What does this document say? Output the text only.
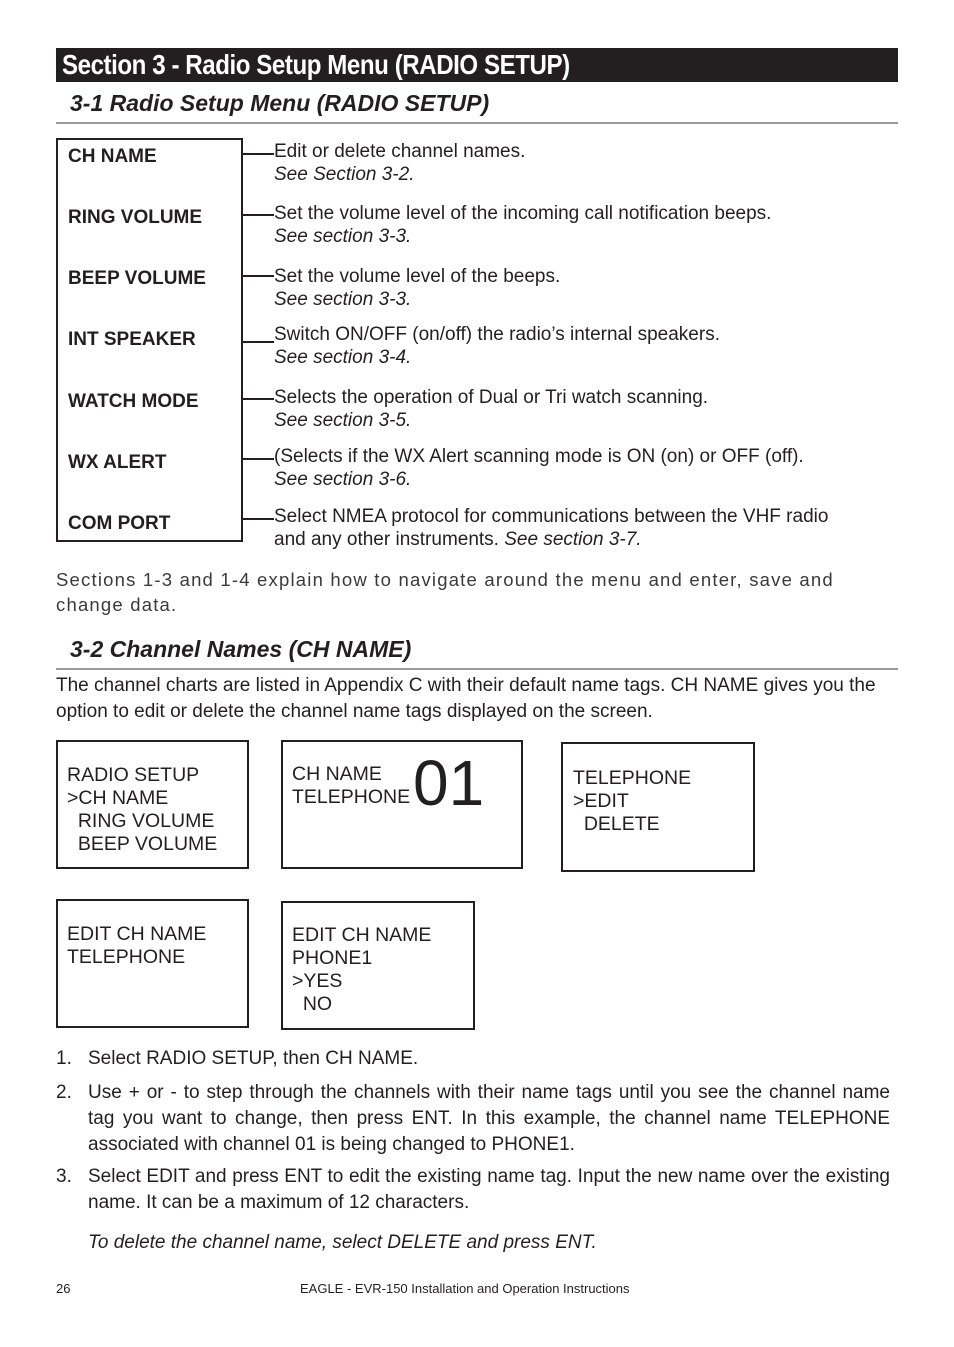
Section 3 - Radio Setup Menu (RADIO SETUP)
3-1 Radio Setup Menu (RADIO SETUP)
CH NAME
RING VOLUME
BEEP VOLUME
INT SPEAKER
WATCH MODE
WX ALERT
COM PORT
Edit or delete channel names.
See Section 3-2.
Set the volume level of the incoming call notification beeps.
See section 3-3.
Set the volume level of the beeps.
See section 3-3.
Switch ON/OFF (on/off) the radio’s internal speakers.
See section 3-4.
Selects the operation of Dual or Tri watch scanning.
See section 3-5.
(Selects if the WX Alert scanning mode is ON (on) or OFF (off).
See section 3-6.
Select NMEA protocol for communications between the VHF radio
and any other instruments. See section 3-7.
Sections 1-3 and 1-4 explain how to navigate around the menu and enter, save and change data.
3-2 Channel Names (CH NAME)
The channel charts are listed in Appendix C with their default name tags. CH NAME gives you the option to edit or delete the channel name tags displayed on the screen.
RADIO SETUP
>CH NAME
RING VOLUME
BEEP VOLUME
CH NAME
TELEPHONE 01	TELEPHONE
>EDIT
DELETE
EDIT CH NAME
TELEPHONE
EDIT CH NAME
PHONE1
>YES
NO
1. Select RADIO SETUP, then CH NAME.
2. Use + or - to step through the channels with their name tags until you see the channel name tag you want to change, then press ENT. In this example, the channel name TELEPHONE associated with channel 01 is being changed to PHONE1.
3. Select EDIT and press ENT to edit the existing name tag. Input the new name over the existing name. It can be a maximum of 12 characters.
To delete the channel name, select DELETE and press ENT.
26	EAGLE - EVR-150 Installation and Operation Instructions
